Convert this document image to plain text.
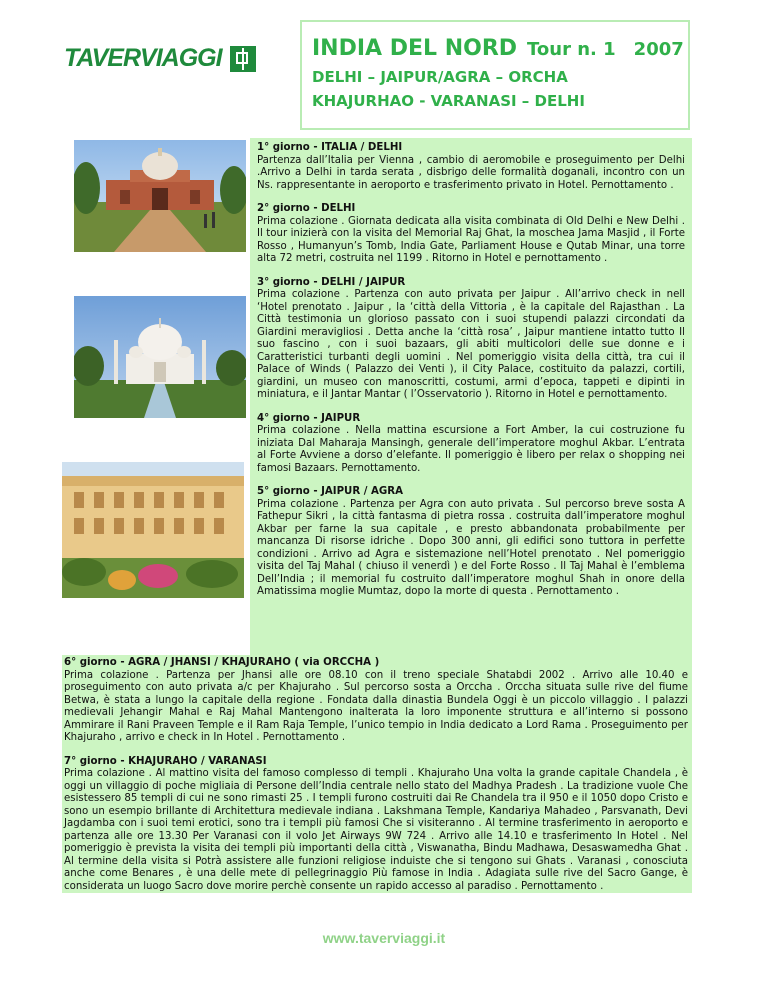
TAVERVIAGGI	INDIA DEL NORD Tour n. 1 2007
DELHI – JAIPUR/AGRA – ORCHA
KHAJURHAO - VARANASI – DELHI
1° giorno - ITALIA / DELHI
Partenza dall’Italia per Vienna , cambio di aeromobile e proseguimento per Delhi .Arrivo a Delhi in tarda serata , disbrigo delle formalità doganali, incontro con un Ns. rappresentante in aeroporto e trasferimento privato in Hotel. Pernottamento .
2° giorno - DELHI
Prima colazione . Giornata dedicata alla visita combinata di Old Delhi e New Delhi . Il tour inizierà con la visita del Memorial Raj Ghat, la moschea Jama Masjid , il Forte Rosso , Humanyun’s Tomb, India Gate, Parliament House e Qutab Minar, una torre alta 72 metri, costruita nel 1199 . Ritorno in Hotel e pernottamento .
3° giorno - DELHI / JAIPUR
Prima colazione . Partenza con auto privata per Jaipur . All’arrivo check in nell ‘Hotel prenotato . Jaipur , la ‘città della Vittoria , è la capitale del Rajasthan . La Città testimonia un glorioso passato con i suoi stupendi palazzi circondati da Giardini meravigliosi . Detta anche la ‘città rosa’ , Jaipur mantiene intatto tutto Il suo fascino , con i suoi bazaars, gli abiti multicolori delle sue donne e i Caratteristici turbanti degli uomini . Nel pomeriggio visita della città, tra cui il Palace of Winds ( Palazzo dei Venti ), il City Palace, costituito da palazzi, cortili, giardini, un museo con manoscritti, costumi, armi d’epoca, tappeti e dipinti in miniatura, e il Jantar Mantar ( l’Osservatorio ). Ritorno in Hotel e pernottamento.
4° giorno - JAIPUR
Prima colazione . Nella mattina escursione a Fort Amber, la cui costruzione fu iniziata Dal Maharaja Mansingh, generale dell’imperatore moghul Akbar. L’entrata al Forte Avviene a dorso d’elefante. Il pomeriggio è libero per relax o shopping nei famosi Bazaars. Pernottamento.
5° giorno - JAIPUR / AGRA
Prima colazione . Partenza per Agra con auto privata . Sul percorso breve sosta A Fathepur Sikri , la città fantasma di pietra rossa . costruita dall’imperatore moghul Akbar per farne la sua capitale , e presto abbandonata probabilmente per mancanza Di risorse idriche . Dopo 300 anni, gli edifici sono tuttora in perfette condizioni . Arrivo ad Agra e sistemazione nell’Hotel prenotato . Nel pomeriggio visita del Taj Mahal ( chiuso il venerdì ) e del Forte Rosso . Il Taj Mahal è l’emblema Dell’India ; il memorial fu costruito dall’imperatore moghul Shah in onore della Amatissima moglie Mumtaz, dopo la morte di questa . Pernottamento .
6° giorno - AGRA / JHANSI / KHAJURAHO ( via ORCCHA )
Prima colazione . Partenza per Jhansi alle ore 08.10 con il treno speciale Shatabdi 2002 . Arrivo alle 10.40 e proseguimento con auto privata a/c per Khajuraho . Sul percorso sosta a Orccha . Orccha situata sulle rive del fiume Betwa, è stata a lungo la capitale della regione . Fondata dalla dinastia Bundela Oggi è un piccolo villaggio . I palazzi medievali Jehangir Mahal e Raj Mahal Mantengono inalterata la loro imponente struttura e all’interno si possono Ammirare il Rani Praveen Temple e il Ram Raja Temple, l’unico tempio in India dedicato a Lord Rama . Proseguimento per Khajuraho , arrivo e check in In Hotel . Pernottamento .
7° giorno - KHAJURAHO / VARANASI
Prima colazione . Al mattino visita del famoso complesso di templi . Khajuraho Una volta la grande capitale Chandela , è oggi un villaggio di poche migliaia di Persone dell’India centrale nello stato del Madhya Pradesh . La tradizione vuole Che esistessero 85 templi di cui ne sono rimasti 25 . I templi furono costruiti dai Re Chandela tra il 950 e il 1050 dopo Cristo e sono un esempio brillante di Architettura medievale indiana . Lakshmana Temple, Kandariya Mahadeo , Parsvanath, Devi Jagdamba con i suoi temi erotici, sono tra i templi più famosi Che si visiteranno . Al termine trasferimento in aeroporto e partenza alle ore 13.30 Per Varanasi con il volo Jet Airways 9W 724 . Arrivo alle 14.10 e trasferimento In Hotel . Nel pomeriggio è prevista la visita dei templi più importanti della città , Viswanatha, Bindu Madhawa, Desaswamedha Ghat . Al termine della visita si Potrà assistere alle funzioni religiose induiste che si tengono sui Ghats . Varanasi , conosciuta anche come Benares , è una delle mete di pellegrinaggio Più famose in India . Adagiata sulle rive del Sacro Gange, è considerata un luogo Sacro dove morire perchè consente un rapido accesso al paradiso . Pernottamento .
www.taverviaggi.it
